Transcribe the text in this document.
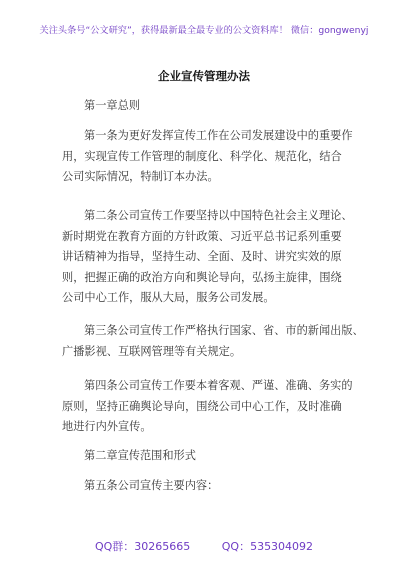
关注头条号“公文研究”，获得最新最全最专业的公文资料库！ 微信：gongwenyj
企业宣传管理办法
第一章总则
第一条为更好发挥宣传工作在公司发展建设中的重要作
用，实现宣传工作管理的制度化、科学化、规范化，结合
公司实际情况，特制订本办法。
第二条公司宣传工作要坚持以中国特色社会主义理论、
新时期党在教育方面的方针政策、习近平总书记系列重要
讲话精神为指导，坚持生动、全面、及时、讲究实效的原
则，把握正确的政治方向和舆论导向，弘扬主旋律，围绕
公司中心工作，服从大局，服务公司发展。
第三条公司宣传工作严格执行国家、省、市的新闻出版、
广播影视、互联网管理等有关规定。
第四条公司宣传工作要本着客观、严谨、准确、务实的
原则，坚持正确舆论导向，围绕公司中心工作，及时准确
地进行内外宣传。
第二章宣传范围和形式
第五条公司宣传主要内容：
QQ群：30265665	QQ：535304092
